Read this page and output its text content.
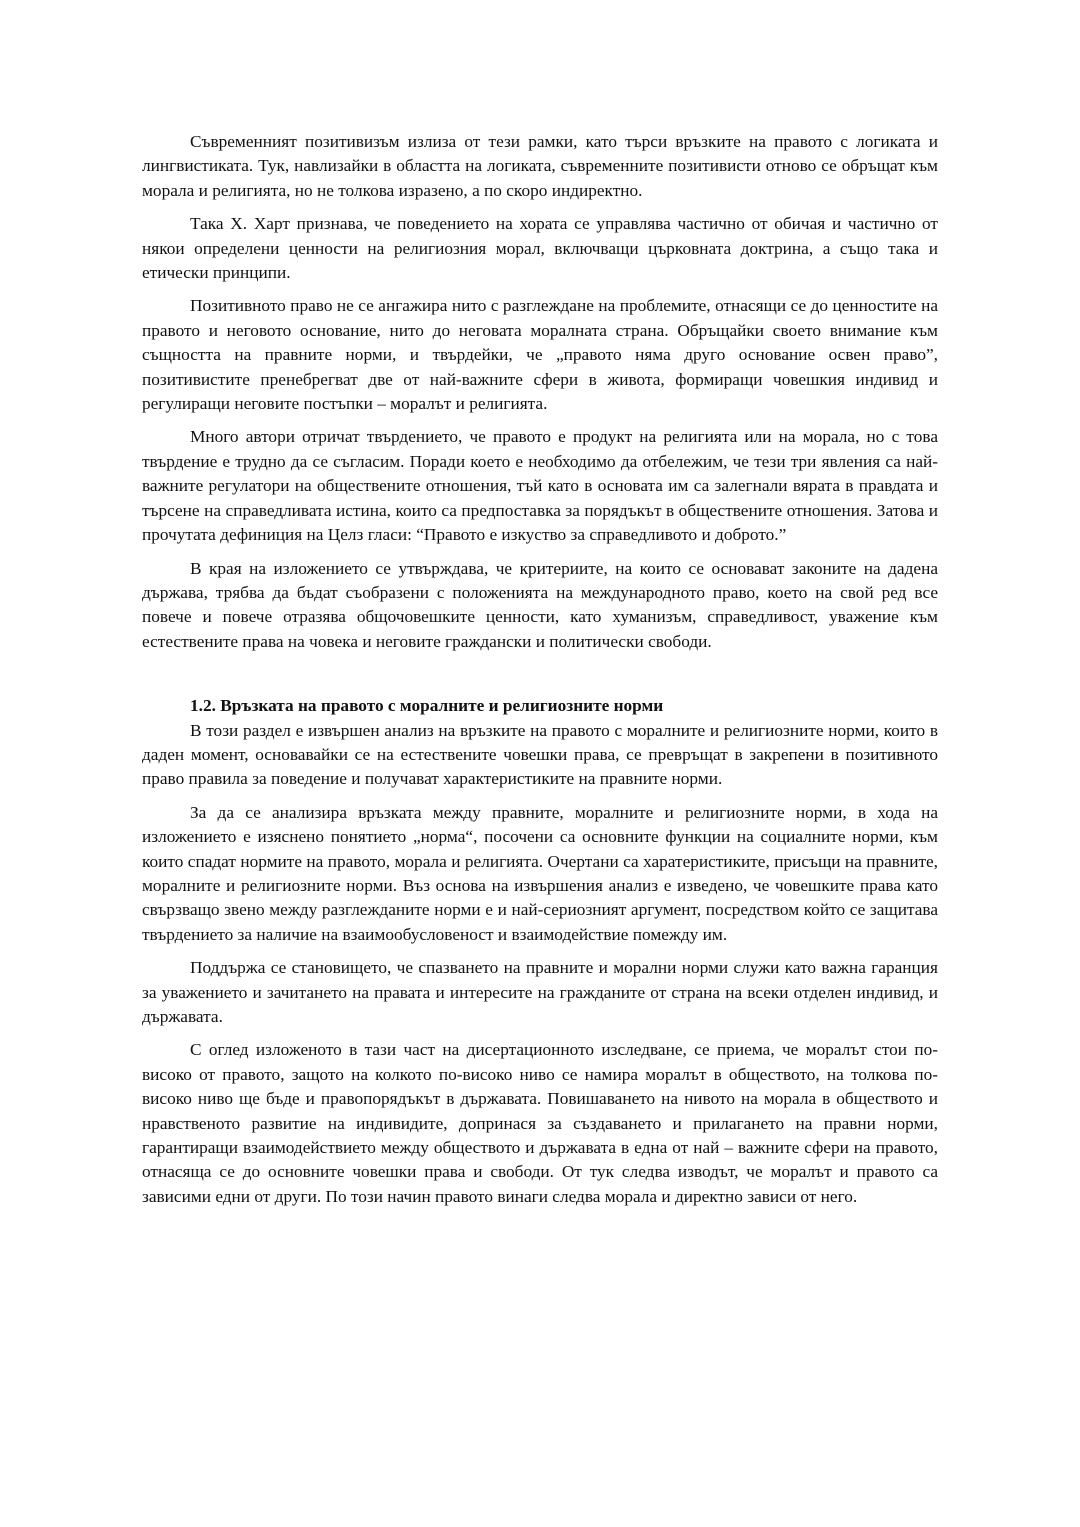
Съвременният позитивизъм излиза от тези рамки, като търси връзките на правото с логиката и лингвистиката. Тук, навлизайки в областта на логиката, съвременните позитивисти отново се обръщат към морала и религията, но не толкова изразено, а по скоро индиректно.

Така Х. Харт признава, че поведението на хората се управлява частично от обичая и частично от някои определени ценности на религиозния морал, включващи църковната доктрина, а също така и етически принципи.

Позитивното право не се ангажира нито с разглеждане на проблемите, отнасящи се до ценностите на правото и неговото основание, нито до неговата моралната страна. Обръщайки своето внимание към същността на правните норми, и твърдейки, че „правото няма друго основание освен право”, позитивистите пренебрегват две от най-важните сфери в живота, формиращи човешкия индивид и регулиращи неговите постъпки – моралът и религията.

Много автори отричат твърдението, че правото е продукт на религията или на морала, но с това твърдение е трудно да се съгласим. Поради което е необходимо да отбележим, че тези три явления са най-важните регулатори на обществените отношения, тъй като в основата им са залегнали вярата в правдата и търсене на справедливата истина, които са предпоставка за порядъкът в обществените отношения. Затова и прочутата дефиниция на Целз гласи: “Правото е изкуство за справедливото и доброто.”

В края на изложението се утвърждава, че критериите, на които се основават законите на дадена държава, трябва да бъдат съобразени с положенията на международното право, което на свой ред все повече и повече отразява общочовешките ценности, като хуманизъм, справедливост, уважение към естествените права на човека и неговите граждански и политически свободи.

1.2. Връзката на правото с моралните и религиозните норми

В този раздел е извършен анализ на връзките на правото с моралните и религиозните норми, които в даден момент, основавайки се на естествените човешки права, се превръщат в закрепени в позитивното право правила за поведение и получават характеристиките на правните норми.

За да се анализира връзката между правните, моралните и религиозните норми, в хода на изложението е изяснено понятието „норма“, посочени са основните функции на социалните норми, към които спадат нормите на правото, морала и религията. Очертани са харатеристиките, присъщи на правните, моралните и религиозните норми. Въз основа на извършения анализ е изведено, че човешките права като свързващо звено между разглежданите норми е и най-сериозният аргумент, посредством който се защитава твърдението за наличие на взаимообусловеност и взаимодействие помежду им.

Поддържа се становището, че спазването на правните и морални норми служи като важна гаранция за уважението и зачитането на правата и интересите на гражданите от страна на всеки отделен индивид, и държавата.

С оглед изложеното в тази част на дисертационното изследване, се приема, че моралът стои по-високо от правото, защото на колкото по-високо ниво се намира моралът в обществото, на толкова по-високо ниво ще бъде и правопорядъкът в държавата. Повишаването на нивото на морала в обществото и нравственото развитие на индивидите, допринася за създаването и прилагането на правни норми, гарантиращи взаимодействието между обществото и държавата в една от най – важните сфери на правото, отнасяща се до основните човешки права и свободи. От тук следва изводът, че моралът и правото са зависими едни от други. По този начин правото винаги следва морала и директно зависи от него.
